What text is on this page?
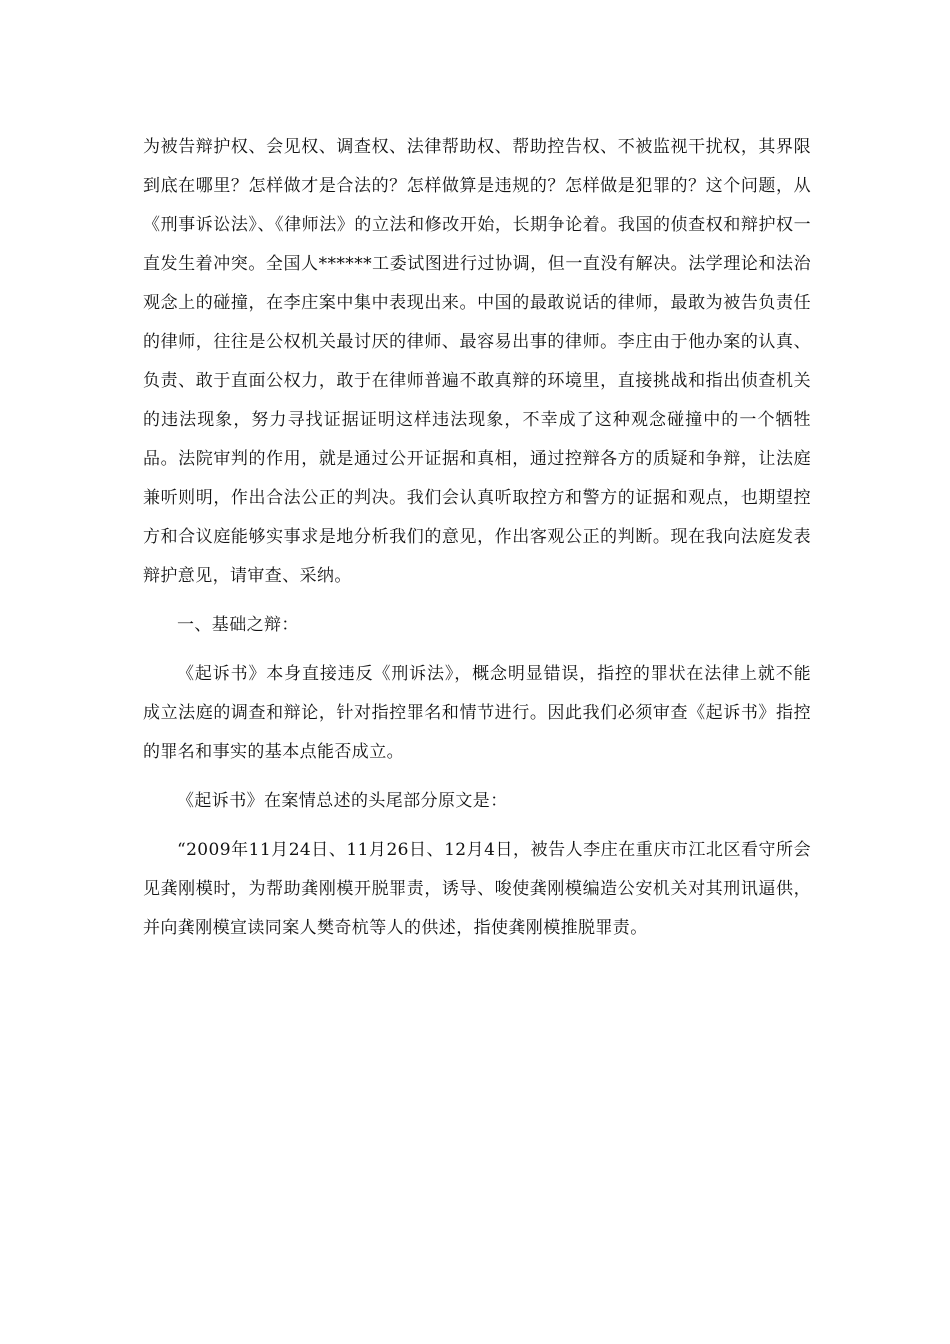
为被告辩护权、会见权、调查权、法律帮助权、帮助控告权、不被监视干扰权，其界限到底在哪里？怎样做才是合法的？怎样做算是违规的？怎样做是犯罪的？这个问题，从《刑事诉讼法》、《律师法》的立法和修改开始，长期争论着。我国的侦查权和辩护权一直发生着冲突。全国人******工委试图进行过协调，但一直没有解决。法学理论和法治观念上的碰撞，在李庄案中集中表现出来。中国的最敢说话的律师，最敢为被告负责任的律师，往往是公权机关最讨厌的律师、最容易出事的律师。李庄由于他办案的认真、负责、敢于直面公权力，敢于在律师普遍不敢真辩的环境里，直接挑战和指出侦查机关的违法现象，努力寻找证据证明这样违法现象，不幸成了这种观念碰撞中的一个牺牲品。法院审判的作用，就是通过公开证据和真相，通过控辩各方的质疑和争辩，让法庭兼听则明，作出合法公正的判决。我们会认真听取控方和警方的证据和观点，也期望控方和合议庭能够实事求是地分析我们的意见，作出客观公正的判断。现在我向法庭发表辩护意见，请审查、采纳。

一、基础之辩：

《起诉书》本身直接违反《刑诉法》，概念明显错误，指控的罪状在法律上就不能成立法庭的调查和辩论，针对指控罪名和情节进行。因此我们必须审查《起诉书》指控的罪名和事实的基本点能否成立。

《起诉书》在案情总述的头尾部分原文是：

“2009年11月24日、11月26日、12月4日，被告人李庄在重庆市江北区看守所会见龚刚模时，为帮助龚刚模开脱罪责，诱导、唆使龚刚模编造公安机关对其刑讯逼供，并向龚刚模宣读同案人樊奇杭等人的供述，指使龚刚模推脱罪责。
